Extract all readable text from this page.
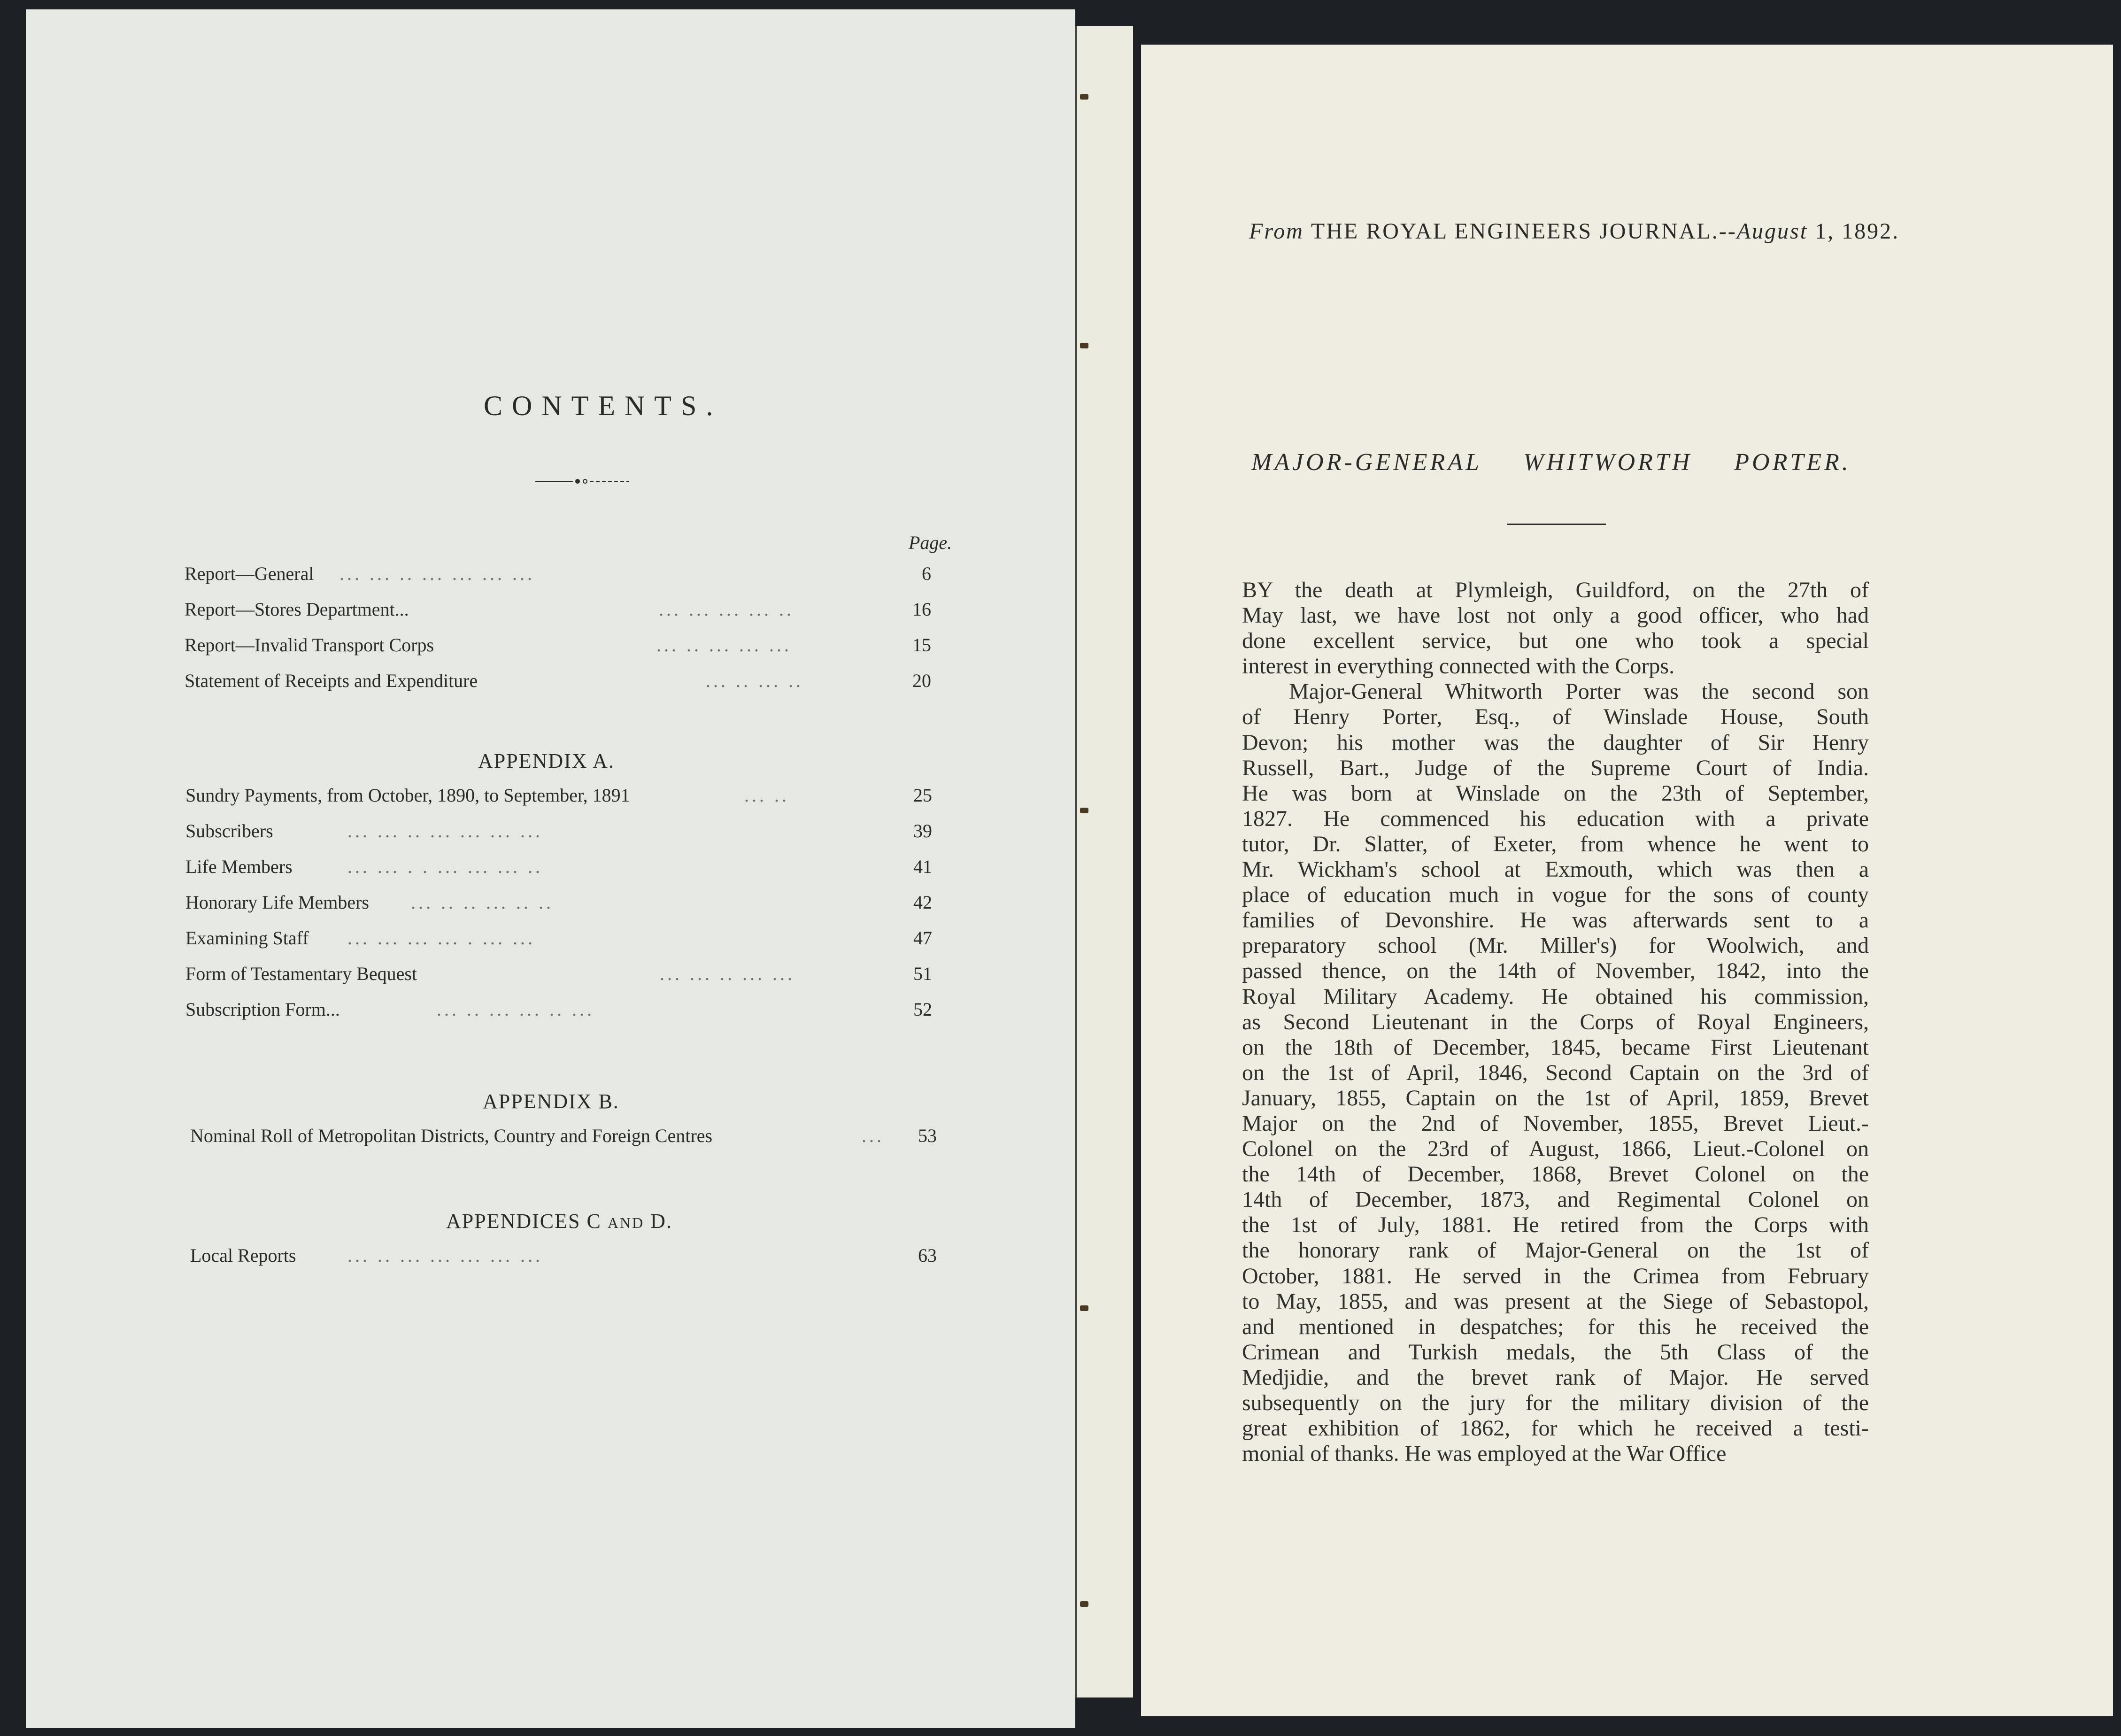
CONTENTS.
Page.
Report—General ... ... .. ... ... ... ...	6
Report—Stores Department...	... ... ... ... ..	16
Report—Invalid Transport Corps	... .. ... ... ...	15
Statement of Receipts and Expenditure	... .. ... ..	20
APPENDIX A.
Sundry Payments, from October, 1890, to September, 1891	... ..	25
Subscribers	... ... .. ... ... ... ...	39
Life Members	... ... . . ... ... ... ..	41
Honorary Life Members ... .. .. ... .. ..	42
Examining Staff ... ... ... ... . ... ...	47
Form of Testamentary Bequest	... ... .. ... ...	51
Subscription Form...	... .. ... ... .. ...	52
APPENDIX B.
Nominal Roll of Metropolitan Districts, Country and Foreign Centres	...	53
APPENDICES C AND D.
Local Reports	... .. ... ... ... ... ...	63
From THE ROYAL ENGINEERS JOURNAL.--August 1, 1892.
MAJOR-GENERAL WHITWORTH PORTER.
BY the death at Plymleigh, Guildford, on the 27th of
May last, we have lost not only a good officer, who had
done excellent service, but one who took a special
interest in everything connected with the Corps.
Major-General Whitworth Porter was the second son
of Henry Porter, Esq., of Winslade House, South
Devon; his mother was the daughter of Sir Henry
Russell, Bart., Judge of the Supreme Court of India.
He was born at Winslade on the 23th of September,
1827. He commenced his education with a private
tutor, Dr. Slatter, of Exeter, from whence he went to
Mr. Wickham's school at Exmouth, which was then a
place of education much in vogue for the sons of county
families of Devonshire. He was afterwards sent to a
preparatory school (Mr. Miller's) for Woolwich, and
passed thence, on the 14th of November, 1842, into the
Royal Military Academy. He obtained his commission,
as Second Lieutenant in the Corps of Royal Engineers,
on the 18th of December, 1845, became First Lieutenant
on the 1st of April, 1846, Second Captain on the 3rd of
January, 1855, Captain on the 1st of April, 1859, Brevet
Major on the 2nd of November, 1855, Brevet Lieut.-
Colonel on the 23rd of August, 1866, Lieut.-Colonel on
the 14th of December, 1868, Brevet Colonel on the
14th of December, 1873, and Regimental Colonel on
the 1st of July, 1881. He retired from the Corps with
the honorary rank of Major-General on the 1st of
October, 1881. He served in the Crimea from February
to May, 1855, and was present at the Siege of Sebastopol,
and mentioned in despatches; for this he received the
Crimean and Turkish medals, the 5th Class of the
Medjidie, and the brevet rank of Major. He served
subsequently on the jury for the military division of the
great exhibition of 1862, for which he received a testi-
monial of thanks. He was employed at the War Office
